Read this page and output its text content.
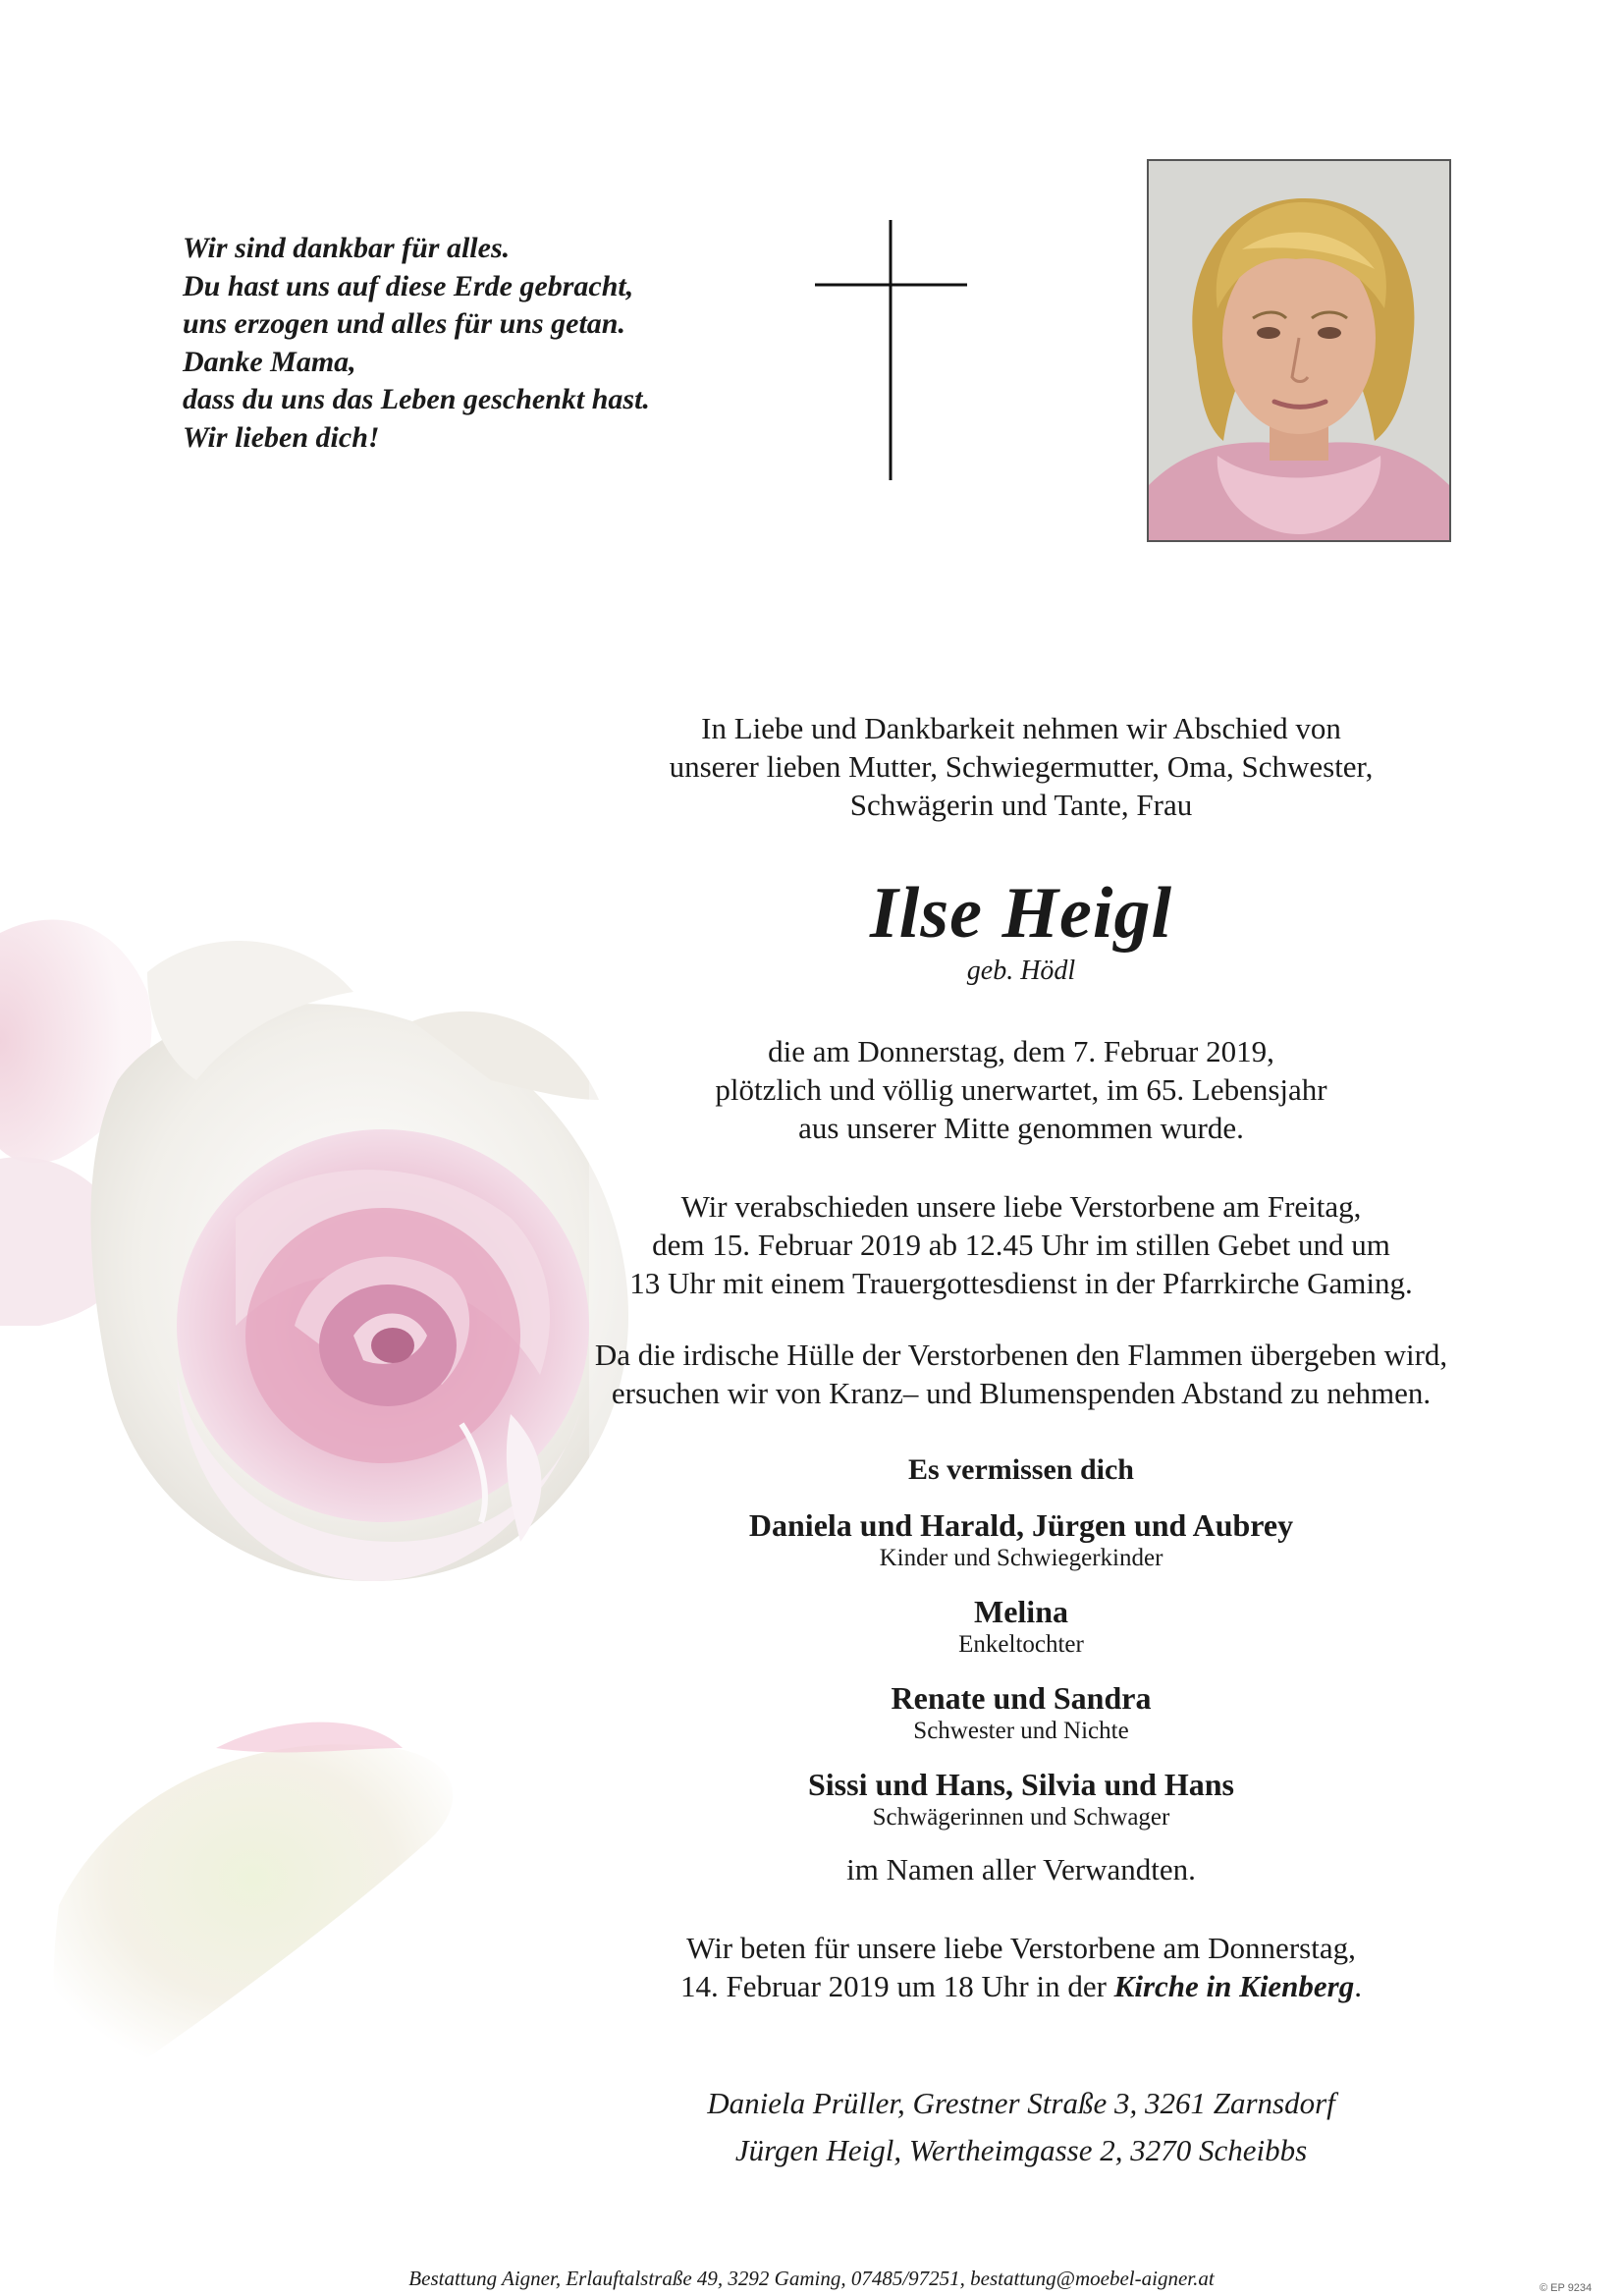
Wir sind dankbar für alles.
Du hast uns auf diese Erde gebracht,
uns erzogen und alles für uns getan.
Danke Mama,
dass du uns das Leben geschenkt hast.
Wir lieben dich!
In Liebe und Dankbarkeit nehmen wir Abschied von
unserer lieben Mutter, Schwiegermutter, Oma, Schwester,
Schwägerin und Tante, Frau
Ilse Heigl
geb. Hödl
die am Donnerstag, dem 7. Februar 2019,
plötzlich und völlig unerwartet, im 65. Lebensjahr
aus unserer Mitte genommen wurde.
Wir verabschieden unsere liebe Verstorbene am Freitag,
dem 15. Februar 2019 ab 12.45 Uhr im stillen Gebet und um
13 Uhr mit einem Trauergottesdienst in der Pfarrkirche Gaming.
Da die irdische Hülle der Verstorbenen den Flammen übergeben wird,
ersuchen wir von Kranz– und Blumenspenden Abstand zu nehmen.
Es vermissen dich
Daniela und Harald, Jürgen und Aubrey
Kinder und Schwiegerkinder
Melina
Enkeltochter
Renate und Sandra
Schwester und Nichte
Sissi und Hans, Silvia und Hans
Schwägerinnen und Schwager
im Namen aller Verwandten.
Wir beten für unsere liebe Verstorbene am Donnerstag,
14. Februar 2019 um 18 Uhr in der Kirche in Kienberg.
Daniela Prüller, Grestner Straße 3, 3261 Zarnsdorf
Jürgen Heigl, Wertheimgasse 2, 3270 Scheibbs
Bestattung Aigner, Erlauftalstraße 49, 3292 Gaming, 07485/97251, bestattung@moebel-aigner.at	© EP 9234
